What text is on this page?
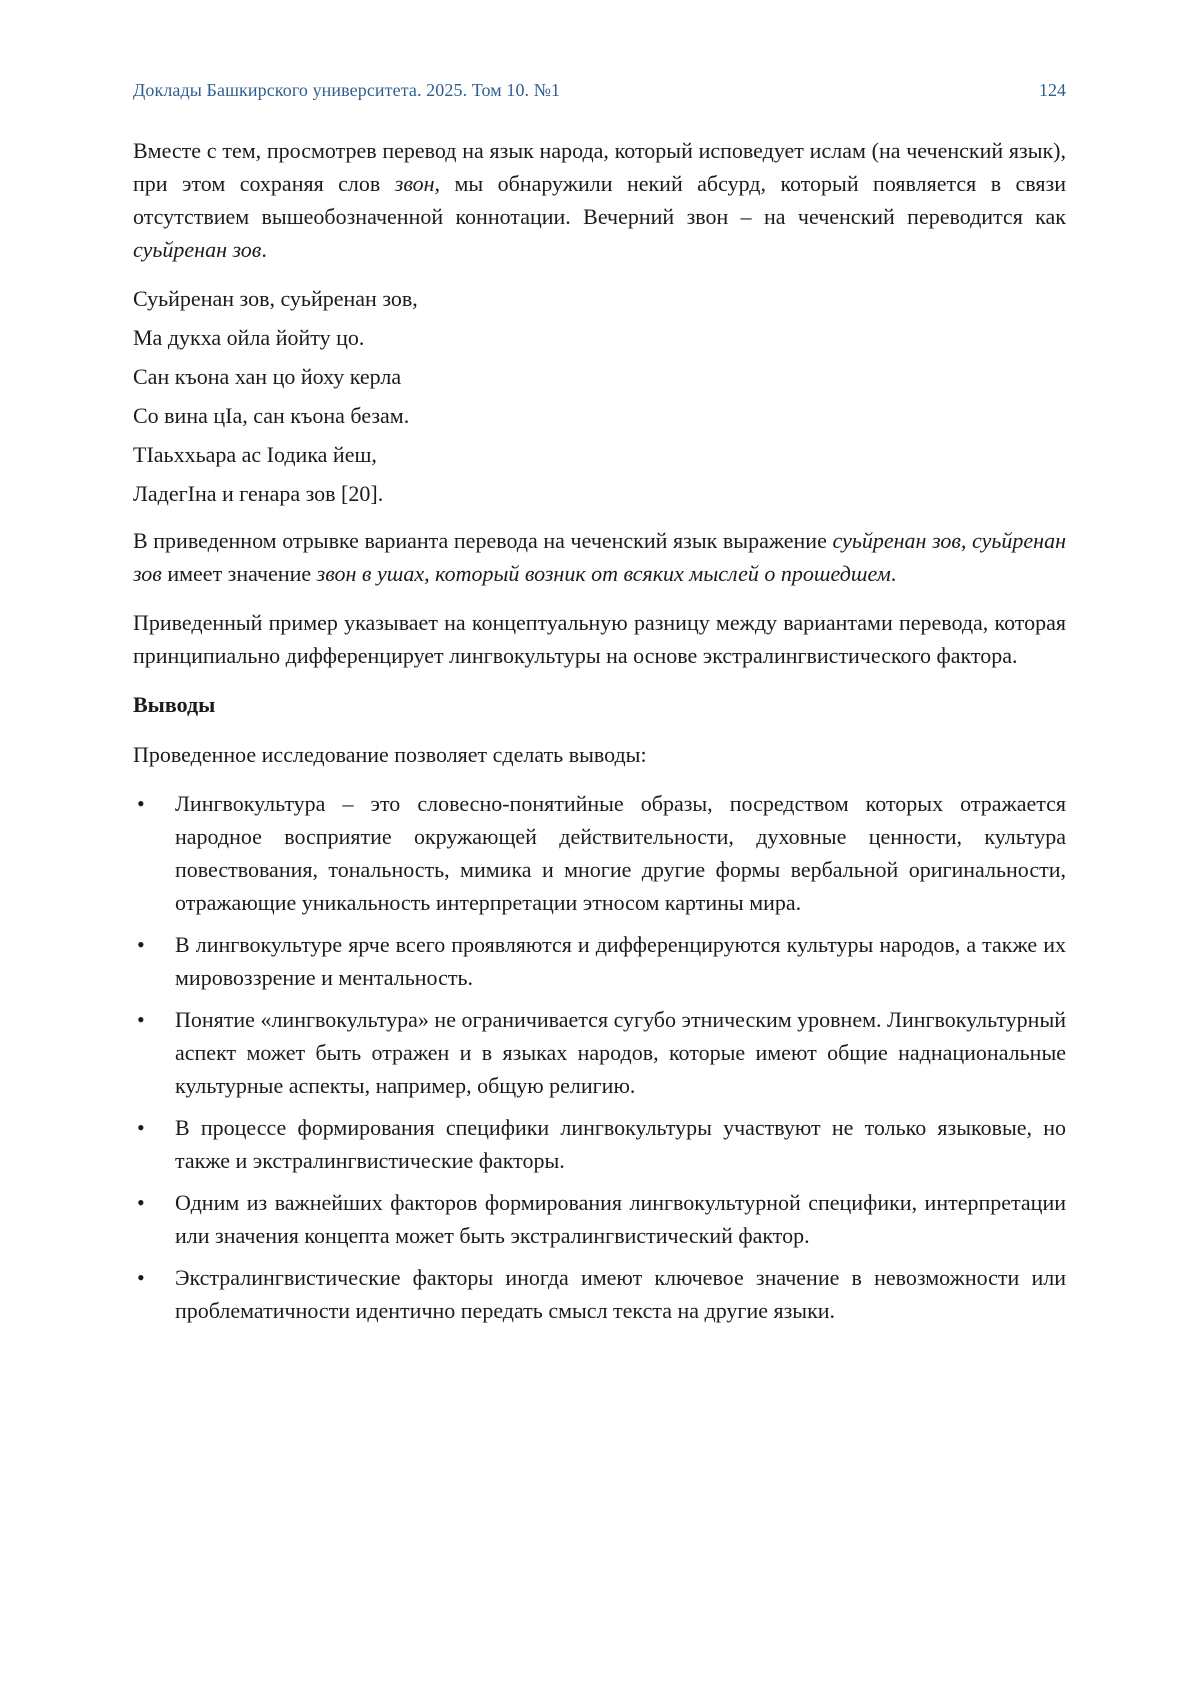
Доклады Башкирского университета. 2025. Том 10. №1	124

Вместе с тем, просмотрев перевод на язык народа, который исповедует ислам (на чеченский язык), при этом сохраняя слов звон, мы обнаружили некий абсурд, который появляется в связи отсутствием вышеобозначенной коннотации. Вечерний звон – на чеченский переводится как суьйренан зов.

Суьйренан зов, суьйренан зов,
Ма дукха ойла йойту цо.
Сан къона хан цо йоху керла
Со вина цIа, сан къона безам.
ТIаьххьара ас Iодика йеш,
ЛадегIна и генара зов [20].

В приведенном отрывке варианта перевода на чеченский язык выражение суьйренан зов, суьйренан зов имеет значение звон в ушах, который возник от всяких мыслей о прошедшем.

Приведенный пример указывает на концептуальную разницу между вариантами перевода, которая принципиально дифференцирует лингвокультуры на основе экстралингвистического фактора.

Выводы

Проведенное исследование позволяет сделать выводы:

• Лингвокультура – это словесно-понятийные образы, посредством которых отражается народное восприятие окружающей действительности, духовные ценности, культура повествования, тональность, мимика и многие другие формы вербальной оригинальности, отражающие уникальность интерпретации этносом картины мира.
• В лингвокультуре ярче всего проявляются и дифференцируются культуры народов, а также их мировоззрение и ментальность.
• Понятие «лингвокультура» не ограничивается сугубо этническим уровнем. Лингвокультурный аспект может быть отражен и в языках народов, которые имеют общие наднациональные культурные аспекты, например, общую религию.
• В процессе формирования специфики лингвокультуры участвуют не только языковые, но также и экстралингвистические факторы.
• Одним из важнейших факторов формирования лингвокультурной специфики, интерпретации или значения концепта может быть экстралингвистический фактор.
• Экстралингвистические факторы иногда имеют ключевое значение в невозможности или проблематичности идентично передать смысл текста на другие языки.
